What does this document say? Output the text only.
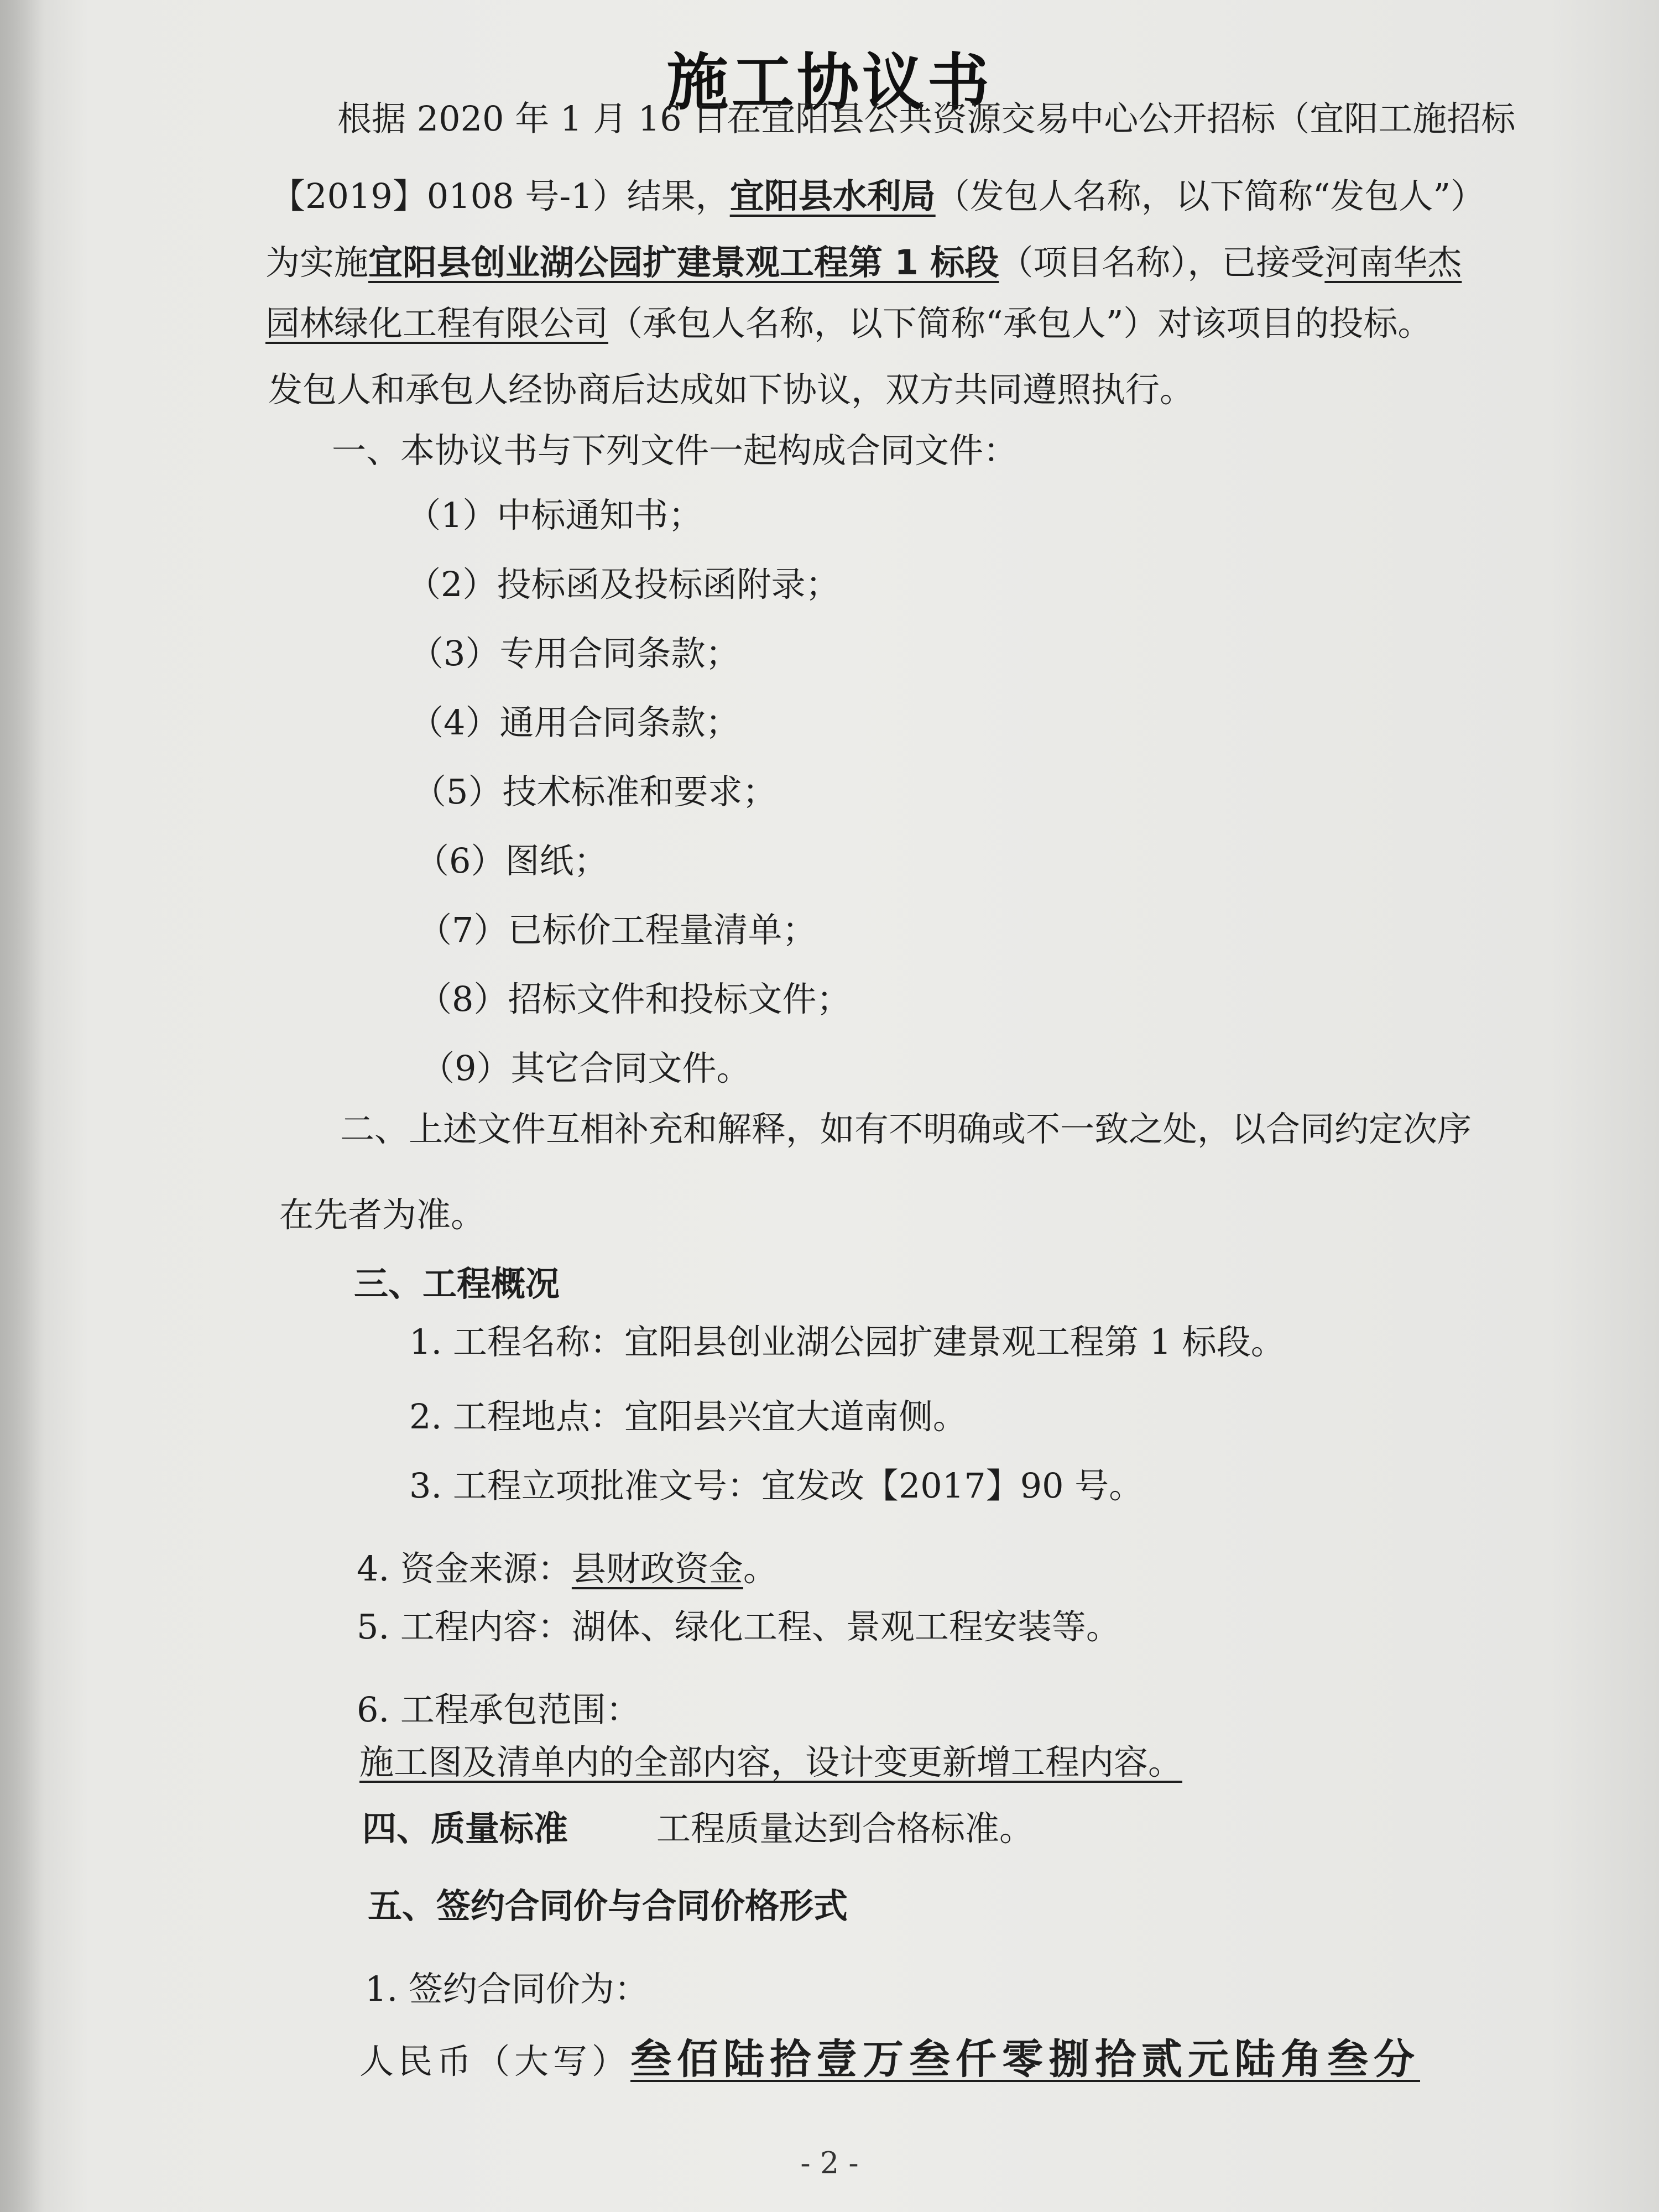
施工协议书
根据 2020 年 1 月 16 日在宜阳县公共资源交易中心公开招标（宜阳工施招标
【2019】0108 号-1）结果，宜阳县水利局（发包人名称，以下简称“发包人”）
为实施宜阳县创业湖公园扩建景观工程第 1 标段（项目名称），已接受河南华杰
园林绿化工程有限公司（承包人名称，以下简称“承包人”）对该项目的投标。
发包人和承包人经协商后达成如下协议，双方共同遵照执行。
一、本协议书与下列文件一起构成合同文件：
（1）中标通知书；
（2）投标函及投标函附录；
（3）专用合同条款；
（4）通用合同条款；
（5）技术标准和要求；
（6）图纸；
（7）已标价工程量清单；
（8）招标文件和投标文件；
（9）其它合同文件。
二、上述文件互相补充和解释，如有不明确或不一致之处，以合同约定次序
在先者为准。
三、工程概况
1. 工程名称：宜阳县创业湖公园扩建景观工程第 1 标段。
2. 工程地点：宜阳县兴宜大道南侧。
3. 工程立项批准文号：宜发改【2017】90 号。
4. 资金来源：县财政资金。
5. 工程内容：湖体、绿化工程、景观工程安装等。
6. 工程承包范围：
施工图及清单内的全部内容，设计变更新增工程内容。
四、质量标准	工程质量达到合格标准。
五、签约合同价与合同价格形式
1. 签约合同价为：
人民币（大写）叁佰陆拾壹万叁仟零捌拾贰元陆角叁分
- 2 -
